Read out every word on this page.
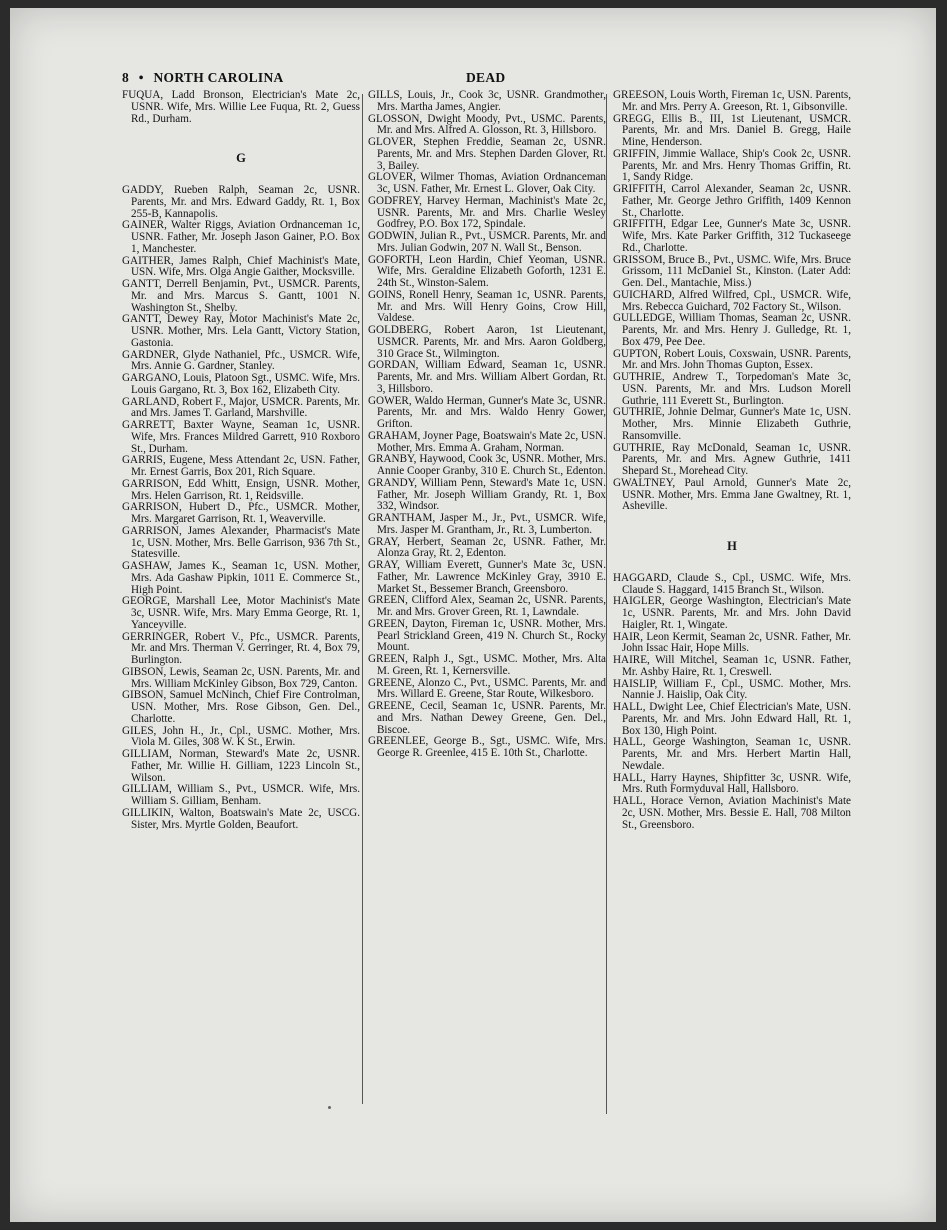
8 • NORTH CAROLINA	DEAD
FUQUA, Ladd Bronson, Electrician's Mate 2c, USNR. Wife, Mrs. Willie Lee Fuqua, Rt. 2, Guess Rd., Durham.
G
GADDY, Rueben Ralph, Seaman 2c, USNR. Parents, Mr. and Mrs. Edward Gaddy, Rt. 1, Box 255-B, Kannapolis.
GAINER, Walter Riggs, Aviation Ordnanceman 1c, USNR. Father, Mr. Joseph Jason Gainer, P.O. Box 1, Manchester.
GAITHER, James Ralph, Chief Machinist's Mate, USN. Wife, Mrs. Olga Angie Gaither, Mocksville.
GANTT, Derrell Benjamin, Pvt., USMCR. Parents, Mr. and Mrs. Marcus S. Gantt, 1001 N. Washington St., Shelby.
GANTT, Dewey Ray, Motor Machinist's Mate 2c, USNR. Mother, Mrs. Lela Gantt, Victory Station, Gastonia.
GARDNER, Glyde Nathaniel, Pfc., USMCR. Wife, Mrs. Annie G. Gardner, Stanley.
GARGANO, Louis, Platoon Sgt., USMC. Wife, Mrs. Louis Gargano, Rt. 3, Box 162, Elizabeth City.
GARLAND, Robert F., Major, USMCR. Parents, Mr. and Mrs. James T. Garland, Marshville.
GARRETT, Baxter Wayne, Seaman 1c, USNR. Wife, Mrs. Frances Mildred Garrett, 910 Roxboro St., Durham.
GARRIS, Eugene, Mess Attendant 2c, USN. Father, Mr. Ernest Garris, Box 201, Rich Square.
GARRISON, Edd Whitt, Ensign, USNR. Mother, Mrs. Helen Garrison, Rt. 1, Reidsville.
GARRISON, Hubert D., Pfc., USMCR. Mother, Mrs. Margaret Garrison, Rt. 1, Weaverville.
GARRISON, James Alexander, Pharmacist's Mate 1c, USN. Mother, Mrs. Belle Garrison, 936 7th St., Statesville.
GASHAW, James K., Seaman 1c, USN. Mother, Mrs. Ada Gashaw Pipkin, 1011 E. Commerce St., High Point.
GEORGE, Marshall Lee, Motor Machinist's Mate 3c, USNR. Wife, Mrs. Mary Emma George, Rt. 1, Yanceyville.
GERRINGER, Robert V., Pfc., USMCR. Parents, Mr. and Mrs. Therman V. Gerringer, Rt. 4, Box 79, Burlington.
GIBSON, Lewis, Seaman 2c, USN. Parents, Mr. and Mrs. William McKinley Gibson, Box 729, Canton.
GIBSON, Samuel McNinch, Chief Fire Controlman, USN. Mother, Mrs. Rose Gibson, Gen. Del., Charlotte.
GILES, John H., Jr., Cpl., USMC. Mother, Mrs. Viola M. Giles, 308 W. K St., Erwin.
GILLIAM, Norman, Steward's Mate 2c, USNR. Father, Mr. Willie H. Gilliam, 1223 Lincoln St., Wilson.
GILLIAM, William S., Pvt., USMCR. Wife, Mrs. William S. Gilliam, Benham.
GILLIKIN, Walton, Boatswain's Mate 2c, USCG. Sister, Mrs. Myrtle Golden, Beaufort.
GILLS, Louis, Jr., Cook 3c, USNR. Grandmother, Mrs. Martha James, Angier.
GLOSSON, Dwight Moody, Pvt., USMC. Parents, Mr. and Mrs. Alfred A. Glosson, Rt. 3, Hillsboro.
GLOVER, Stephen Freddie, Seaman 2c, USNR. Parents, Mr. and Mrs. Stephen Darden Glover, Rt. 3, Bailey.
GLOVER, Wilmer Thomas, Aviation Ordnanceman 3c, USN. Father, Mr. Ernest L. Glover, Oak City.
GODFREY, Harvey Herman, Machinist's Mate 2c, USNR. Parents, Mr. and Mrs. Charlie Wesley Godfrey, P.O. Box 172, Spindale.
GODWIN, Julian R., Pvt., USMCR. Parents, Mr. and Mrs. Julian Godwin, 207 N. Wall St., Benson.
GOFORTH, Leon Hardin, Chief Yeoman, USNR. Wife, Mrs. Geraldine Elizabeth Goforth, 1231 E. 24th St., Winston-Salem.
GOINS, Ronell Henry, Seaman 1c, USNR. Parents, Mr. and Mrs. Will Henry Goins, Crow Hill, Valdese.
GOLDBERG, Robert Aaron, 1st Lieutenant, USMCR. Parents, Mr. and Mrs. Aaron Goldberg, 310 Grace St., Wilmington.
GORDAN, William Edward, Seaman 1c, USNR. Parents, Mr. and Mrs. William Albert Gordan, Rt. 3, Hillsboro.
GOWER, Waldo Herman, Gunner's Mate 3c, USNR. Parents, Mr. and Mrs. Waldo Henry Gower, Grifton.
GRAHAM, Joyner Page, Boatswain's Mate 2c, USN. Mother, Mrs. Emma A. Graham, Norman.
GRANBY, Haywood, Cook 3c, USNR. Mother, Mrs. Annie Cooper Granby, 310 E. Church St., Edenton.
GRANDY, William Penn, Steward's Mate 1c, USN. Father, Mr. Joseph William Grandy, Rt. 1, Box 332, Windsor.
GRANTHAM, Jasper M., Jr., Pvt., USMCR. Wife, Mrs. Jasper M. Grantham, Jr., Rt. 3, Lumberton.
GRAY, Herbert, Seaman 2c, USNR. Father, Mr. Alonza Gray, Rt. 2, Edenton.
GRAY, William Everett, Gunner's Mate 3c, USN. Father, Mr. Lawrence McKinley Gray, 3910 E. Market St., Bessemer Branch, Greensboro.
GREEN, Clifford Alex, Seaman 2c, USNR. Parents, Mr. and Mrs. Grover Green, Rt. 1, Lawndale.
GREEN, Dayton, Fireman 1c, USNR. Mother, Mrs. Pearl Strickland Green, 419 N. Church St., Rocky Mount.
GREEN, Ralph J., Sgt., USMC. Mother, Mrs. Alta M. Green, Rt. 1, Kernersville.
GREENE, Alonzo C., Pvt., USMC. Parents, Mr. and Mrs. Willard E. Greene, Star Route, Wilkesboro.
GREENE, Cecil, Seaman 1c, USNR. Parents, Mr. and Mrs. Nathan Dewey Greene, Gen. Del., Biscoe.
GREENLEE, George B., Sgt., USMC. Wife, Mrs. George R. Greenlee, 415 E. 10th St., Charlotte.
GREESON, Louis Worth, Fireman 1c, USN. Parents, Mr. and Mrs. Perry A. Greeson, Rt. 1, Gibsonville.
GREGG, Ellis B., III, 1st Lieutenant, USMCR. Parents, Mr. and Mrs. Daniel B. Gregg, Haile Mine, Henderson.
GRIFFIN, Jimmie Wallace, Ship's Cook 2c, USNR. Parents, Mr. and Mrs. Henry Thomas Griffin, Rt. 1, Sandy Ridge.
GRIFFITH, Carrol Alexander, Seaman 2c, USNR. Father, Mr. George Jethro Griffith, 1409 Kennon St., Charlotte.
GRIFFITH, Edgar Lee, Gunner's Mate 3c, USNR. Wife, Mrs. Kate Parker Griffith, 312 Tuckaseege Rd., Charlotte.
GRISSOM, Bruce B., Pvt., USMC. Wife, Mrs. Bruce Grissom, 111 McDaniel St., Kinston. (Later Add: Gen. Del., Mantachie, Miss.)
GUICHARD, Alfred Wilfred, Cpl., USMCR. Wife, Mrs. Rebecca Guichard, 702 Factory St., Wilson.
GULLEDGE, William Thomas, Seaman 2c, USNR. Parents, Mr. and Mrs. Henry J. Gulledge, Rt. 1, Box 479, Pee Dee.
GUPTON, Robert Louis, Coxswain, USNR. Parents, Mr. and Mrs. John Thomas Gupton, Essex.
GUTHRIE, Andrew T., Torpedoman's Mate 3c, USN. Parents, Mr. and Mrs. Ludson Morell Guthrie, 111 Everett St., Burlington.
GUTHRIE, Johnie Delmar, Gunner's Mate 1c, USN. Mother, Mrs. Minnie Elizabeth Guthrie, Ransomville.
GUTHRIE, Ray McDonald, Seaman 1c, USNR. Parents, Mr. and Mrs. Agnew Guthrie, 1411 Shepard St., Morehead City.
GWALTNEY, Paul Arnold, Gunner's Mate 2c, USNR. Mother, Mrs. Emma Jane Gwaltney, Rt. 1, Asheville.
H
HAGGARD, Claude S., Cpl., USMC. Wife, Mrs. Claude S. Haggard, 1415 Branch St., Wilson.
HAIGLER, George Washington, Electrician's Mate 1c, USNR. Parents, Mr. and Mrs. John David Haigler, Rt. 1, Wingate.
HAIR, Leon Kermit, Seaman 2c, USNR. Father, Mr. John Issac Hair, Hope Mills.
HAIRE, Will Mitchel, Seaman 1c, USNR. Father, Mr. Ashby Haire, Rt. 1, Creswell.
HAISLIP, William F., Cpl., USMC. Mother, Mrs. Nannie J. Haislip, Oak City.
HALL, Dwight Lee, Chief Electrician's Mate, USN. Parents, Mr. and Mrs. John Edward Hall, Rt. 1, Box 130, High Point.
HALL, George Washington, Seaman 1c, USNR. Parents, Mr. and Mrs. Herbert Martin Hall, Newdale.
HALL, Harry Haynes, Shipfitter 3c, USNR. Wife, Mrs. Ruth Formyduval Hall, Hallsboro.
HALL, Horace Vernon, Aviation Machinist's Mate 2c, USN. Mother, Mrs. Bessie E. Hall, 708 Milton St., Greensboro.
